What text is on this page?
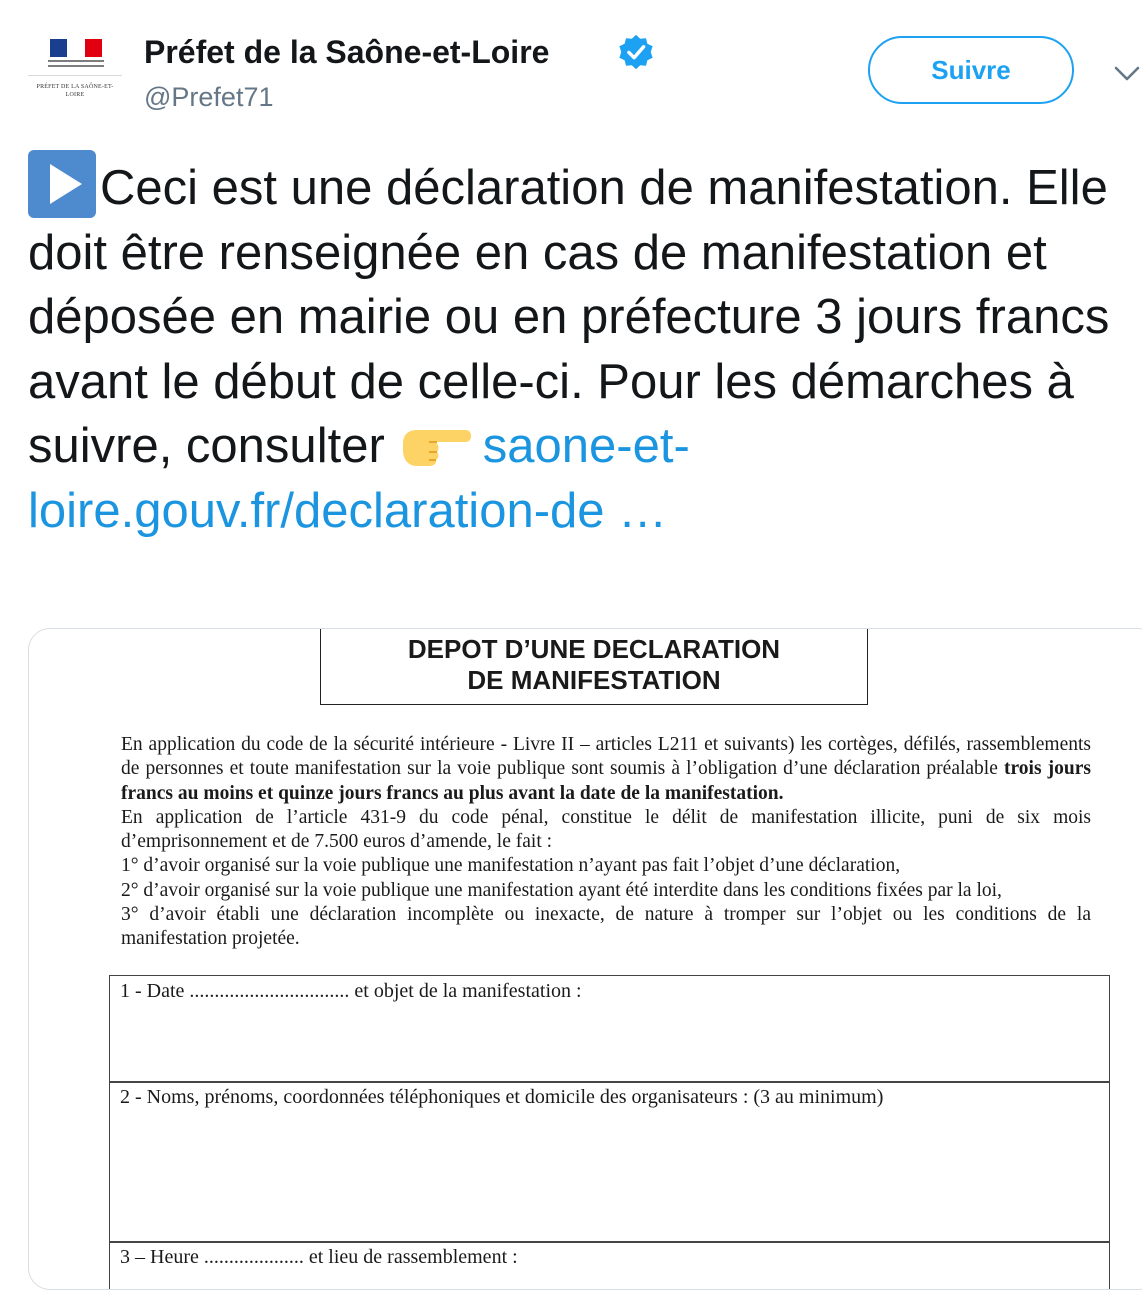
PRÉFET DE LA SAÔNE-ET-LOIRE
Préfet de la Saône-et-Loire
@Prefet71
Suivre
Ceci est une déclaration de manifestation. Elle doit être renseignée en cas de manifestation et déposée en mairie ou en préfecture 3 jours francs avant le début de celle-ci. Pour les démarches à suivre, consulter saone-et-loire.gouv.fr/declaration-de …
DEPOT D’UNE DECLARATION
DE MANIFESTATION

En application du code de la sécurité intérieure - Livre II – articles L211 et suivants) les cortèges, défilés, rassemblements de personnes et toute manifestation sur la voie publique sont soumis à l’obligation d’une déclaration préalable trois jours francs au moins et quinze jours francs au plus avant la date de la manifestation.

En application de l’article 431-9 du code pénal, constitue le délit de manifestation illicite, puni de six mois d’emprisonnement et de 7.500 euros d’amende, le fait :

1° d’avoir organisé sur la voie publique une manifestation n’ayant pas fait l’objet d’une déclaration,

2° d’avoir organisé sur la voie publique une manifestation ayant été interdite dans les conditions fixées par la loi,

3° d’avoir établi une déclaration incomplète ou inexacte, de nature à tromper sur l’objet ou les conditions de la manifestation projetée.

1 - Date ................................ et objet de la manifestation :
2 - Noms, prénoms, coordonnées téléphoniques et domicile des organisateurs : (3 au minimum)
3 – Heure .................... et lieu de rassemblement :
